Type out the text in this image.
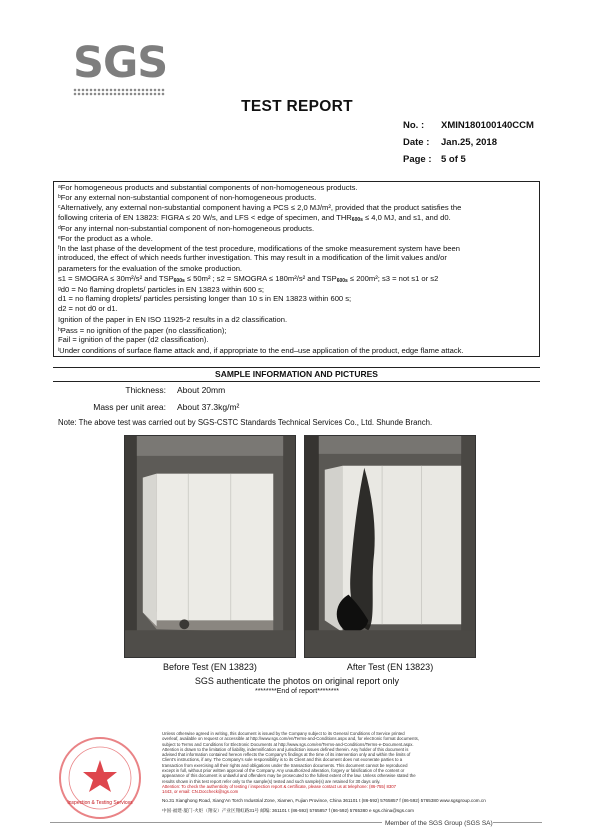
SGS
TEST REPORT
No. : XMIN180100140CCM
Date : Jan.25, 2018
Page : 5 of 5
$^a$For homogeneous products and substantial components of non-homogeneous products.
$^b$For any external non-substantial component of non-homogeneous products.
$^c$Alternatively, any external non-substantial component having a PCS ≤ 2,0 MJ/m², provided that the product satisfies the
following criteria of EN 13823: FIGRA ≤ 20 W/s, and LFS < edge of specimen, and $THR_{600s} \le 4,0$ MJ, and s1, and d0.
$^d$For any internal non-substantial component of non-homogeneous products.
$^e$For the product as a whole.
$^f$In the last phase of the development of the test procedure, modifications of the smoke measurement system have been
introduced, the effect of which needs further investigation. This may result in a modification of the limit values and/or
parameters for the evaluation of the smoke production.
s1 = SMOGRA ≤ 30m²/s² and $TSP_{600s} \le 50m^2$ ; s2 = SMOGRA ≤ 180m²/s² and $TSP_{600s} \le 200m^2$; s3 = not s1 or s2
$^g$d0 = No flaming droplets/ particles in EN 13823 within 600 s;
d1 = no flaming droplets/ particles persisting longer than 10 s in EN 13823 within 600 s;
d2 = not d0 or d1.
Ignition of the paper in EN ISO 11925-2 results in a d2 classification.
$^h$Pass = no ignition of the paper (no classification);
Fail = ignition of the paper (d2 classification).
$^i$Under conditions of surface flame attack and, if appropriate to the end–use application of the product, edge flame attack.
SAMPLE INFORMATION AND PICTURES
Thickness: About 20mm
Mass per unit area: About 37.3kg/m²
Note: The above test was carried out by SGS-CSTC Standards Technical Services Co., Ltd. Shunde Branch.
Before Test (EN 13823)	After Test (EN 13823)
SGS authenticate the photos on original report only
********End of report********
Inspection & Testing Services
Unless otherwise agreed in writing, this document is issued by the Company subject to its General Conditions of Service printed
overleaf, available on request or accessible at http://www.sgs.com/en/Terms-and-Conditions.aspx and, for electronic format documents,
subject to Terms and Conditions for Electronic Documents at http://www.sgs.com/en/Terms-and-Conditions/Terms-e-Document.aspx.
Attention is drawn to the limitation of liability, indemnification and jurisdiction issues defined therein. Any holder of this document is
advised that information contained hereon reflects the Company's findings at the time of its intervention only and within the limits of
Client's instructions, if any. The Company's sole responsibility is to its Client and this document does not exonerate parties to a
transaction from exercising all their rights and obligations under the transaction documents. This document cannot be reproduced
except in full, without prior written approval of the Company. Any unauthorized alteration, forgery or falsification of the content or
appearance of this document is unlawful and offenders may be prosecuted to the fullest extent of the law. Unless otherwise stated the
results shown in this test report refer only to the sample(s) tested and such sample(s) are retained for 30 days only.
Attention: To check the authenticity of testing / inspection report & certificate, please contact us at telephone: (86-755) 8307
1443, or email: CN.Doccheck@sgs.com
No.31 Xianghong Road, Xiang'An Torch Industrial Zone, Xiamen, Fujian Province, China 361101 t (86-592) 5765857 f (86-592) 5765380 www.sgsgroup.com.cn
中国·福建·厦门·火炬（翔安）产业区翔虹路31号 邮编: 361101 t (86-592) 5765857 f (86-592) 5765380 e sgs.china@sgs.com
Member of the SGS Group (SGS SA)
